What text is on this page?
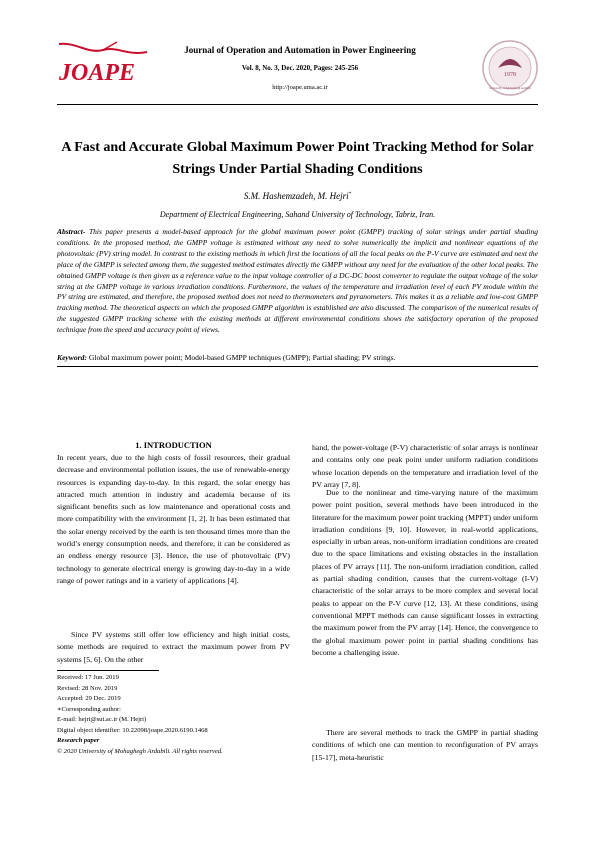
JOAPE
Journal of Operation and Automation in Power Engineering
Vol. 8, No. 3, Dec. 2020, Pages: 245-256
http://joape.uma.ac.ir
1978
University of Mohaghegh Ardabili
A Fast and Accurate Global Maximum Power Point Tracking Method for Solar
Strings Under Partial Shading Conditions
S.M. Hashemzadeh, M. Hejri*
Department of Electrical Engineering, Sahand University of Technology, Tabriz, Iran.
Abstract- This paper presents a model-based approach for the global maximum power point (GMPP) tracking of solar strings under partial shading conditions. In the proposed method, the GMPP voltage is estimated without any need to solve numerically the implicit and nonlinear equations of the photovoltaic (PV) string model. In contrast to the existing methods in which first the locations of all the local peaks on the P-V curve are estimated and next the place of the GMPP is selected among them, the suggested method estimates directly the GMPP without any need for the evaluation of the other local peaks. The obtained GMPP voltage is then given as a reference value to the input voltage controller of a DC-DC boost converter to regulate the output voltage of the solar string at the GMPP voltage in various irradiation conditions. Furthermore, the values of the temperature and irradiation level of each PV module within the PV string are estimated, and therefore, the proposed method does not need to thermometers and pyranometers. This makes it as a reliable and low-cost GMPP tracking method. The theoretical aspects on which the proposed GMPP algorithm is established are also discussed. The comparison of the numerical results of the suggested GMPP tracking scheme with the existing methods at different environmental conditions shows the satisfactory operation of the proposed technique from the speed and accuracy point of views.
Keyword: Global maximum power point; Model-based GMPP techniques (GMPP); Partial shading; PV strings.
1. INTRODUCTION

In recent years, due to the high costs of fossil resources, their gradual decrease and environmental pollution issues, the use of renewable-energy resources is expanding day-to-day. In this regard, the solar energy has attracted much attention in industry and academia because of its significant benefits such as low maintenance and operational costs and more compatibility with the environment [1, 2]. It has been estimated that the solar energy received by the earth is ten thousand times more than the world’s energy consumption needs, and therefore, it can be considered as an endless energy resource [3]. Hence, the use of photovoltaic (PV) technology to generate electrical energy is growing day-to-day in a wide range of power ratings and in a variety of applications [4].

Since PV systems still offer low efficiency and high initial costs, some methods are required to extract the maximum power from PV systems [5, 6]. On the other

Received: 17 Jun. 2019
Revised: 28 Nov. 2019
Accepted: 29 Dec. 2019
∗Corresponding author:
E-mail: hejri@sut.ac.ir (M. Hejri)
Digital object identifier: 10.22098/joape.2020.6190.1468
Research paper
© 2020 University of Mohaghegh Ardabili. All rights reserved.

hand, the power-voltage (P-V) characteristic of solar arrays is nonlinear and contains only one peak point under uniform radiation conditions whose location depends on the temperature and irradiation level of the PV array [7, 8].

Due to the nonlinear and time-varying nature of the maximum power point position, several methods have been introduced in the literature for the maximum power point tracking (MPPT) under uniform irradiation conditions [9, 10]. However, in real-world applications, especially in urban areas, non-uniform irradiation conditions are created due to the space limitations and existing obstacles in the installation places of PV arrays [11]. The non-uniform irradiation condition, called as partial shading condition, causes that the current-voltage (I-V) characteristic of the solar arrays to be more complex and several local peaks to appear on the P-V curve [12, 13]. At these conditions, using conventional MPPT methods can cause significant losses in extracting the maximum power from the PV array [14]. Hence, the convergence to the global maximum power point in partial shading conditions has become a challenging issue.

There are several methods to track the GMPP in partial shading conditions of which one can mention to reconfiguration of PV arrays [15-17], meta-heuristic
